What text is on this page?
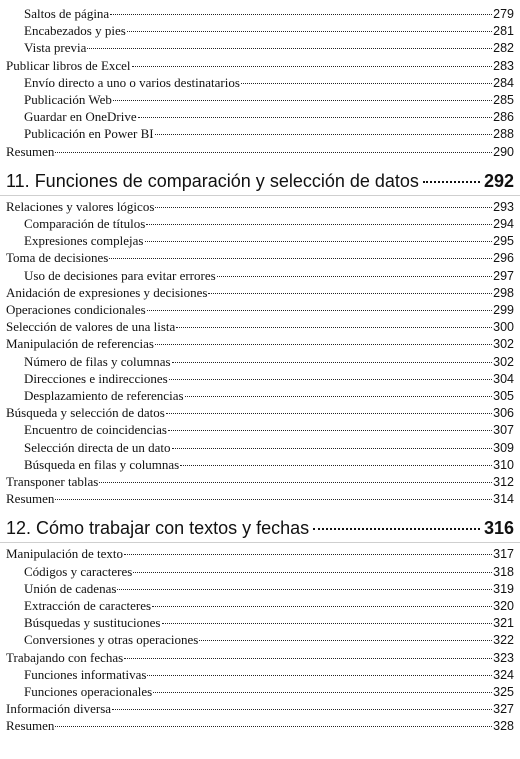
Saltos de página	279
Encabezados y pies	281
Vista previa	282
Publicar libros de Excel	283
Envío directo a uno o varios destinatarios	284
Publicación Web	285
Guardar en OneDrive	286
Publicación en Power BI	288
Resumen	290
11. Funciones de comparación y selección de datos	292
Relaciones y valores lógicos	293
Comparación de títulos	294
Expresiones complejas	295
Toma de decisiones	296
Uso de decisiones para evitar errores	297
Anidación de expresiones y decisiones	298
Operaciones condicionales	299
Selección de valores de una lista	300
Manipulación de referencias	302
Número de filas y columnas	302
Direcciones e indirecciones	304
Desplazamiento de referencias	305
Búsqueda y selección de datos	306
Encuentro de coincidencias	307
Selección directa de un dato	309
Búsqueda en filas y columnas	310
Transponer tablas	312
Resumen	314
12. Cómo trabajar con textos y fechas	316
Manipulación de texto	317
Códigos y caracteres	318
Unión de cadenas	319
Extracción de caracteres	320
Búsquedas y sustituciones	321
Conversiones y otras operaciones	322
Trabajando con fechas	323
Funciones informativas	324
Funciones operacionales	325
Información diversa	327
Resumen	328
